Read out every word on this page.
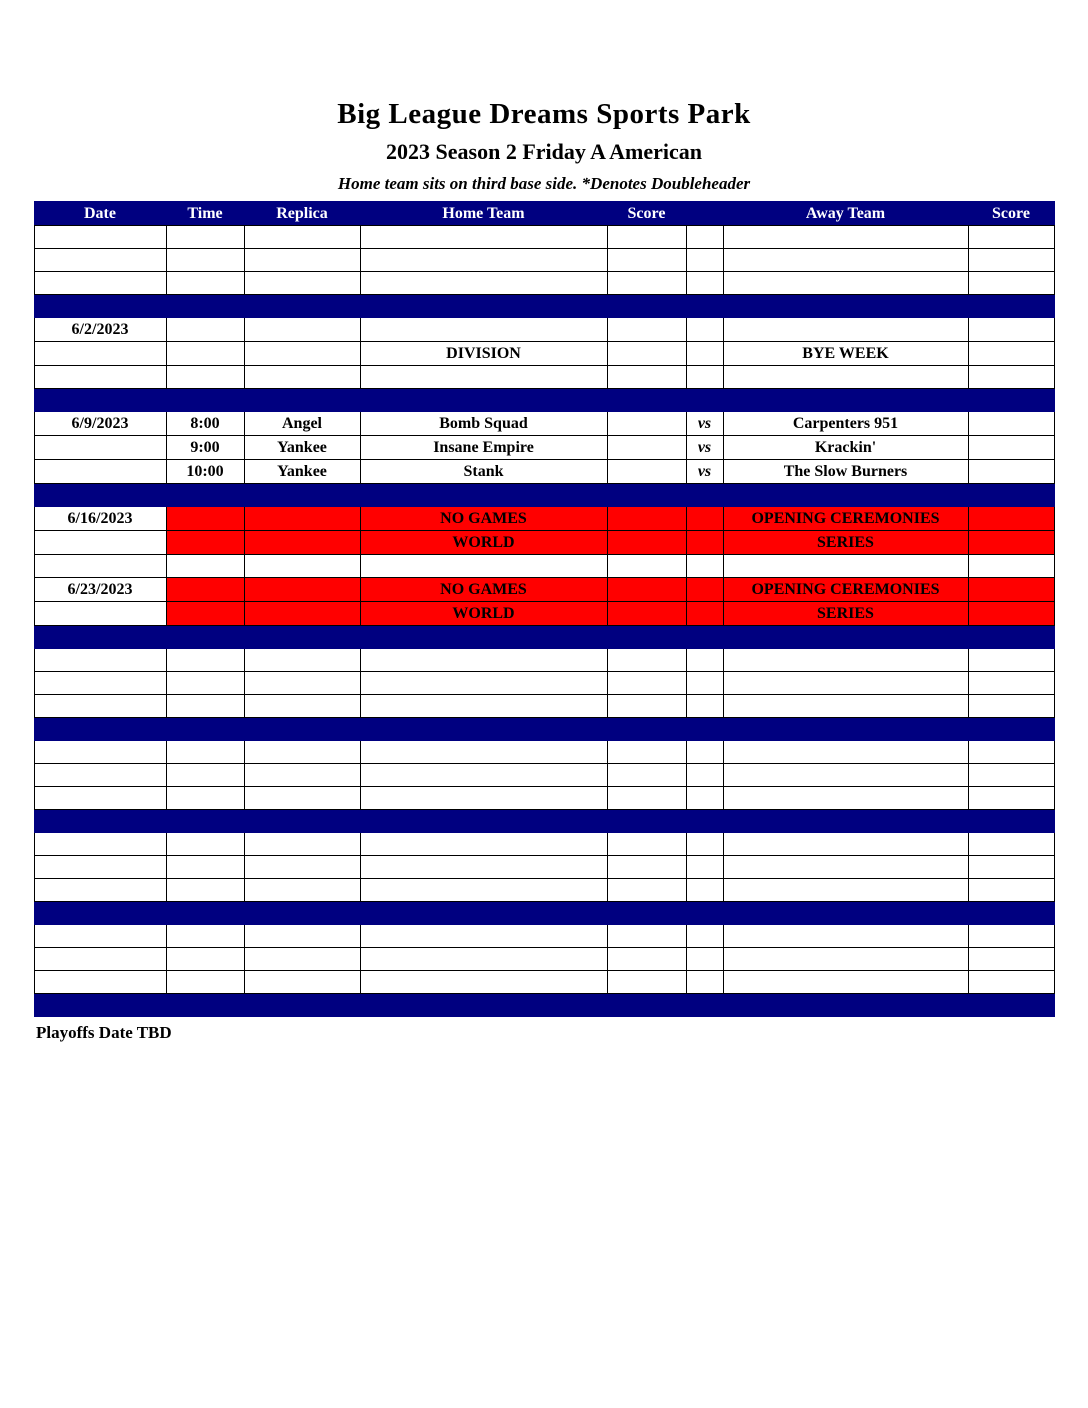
Big League Dreams Sports Park
2023 Season 2 Friday A American
Home team sits on third base side. *Denotes Doubleheader
Date	Time	Replica	Home Team	Score		Away Team	Score

6/2/2023							
			DIVISION			BYE WEEK	

6/9/2023	8:00	Angel	Bomb Squad		vs	Carpenters 951	
	9:00	Yankee	Insane Empire		vs	Krackin'	
	10:00	Yankee	Stank		vs	The Slow Burners	

6/16/2023			NO GAMES			OPENING CEREMONIES	
			WORLD			SERIES	

6/23/2023			NO GAMES			OPENING CEREMONIES	
			WORLD			SERIES	

Playoffs Date TBD
